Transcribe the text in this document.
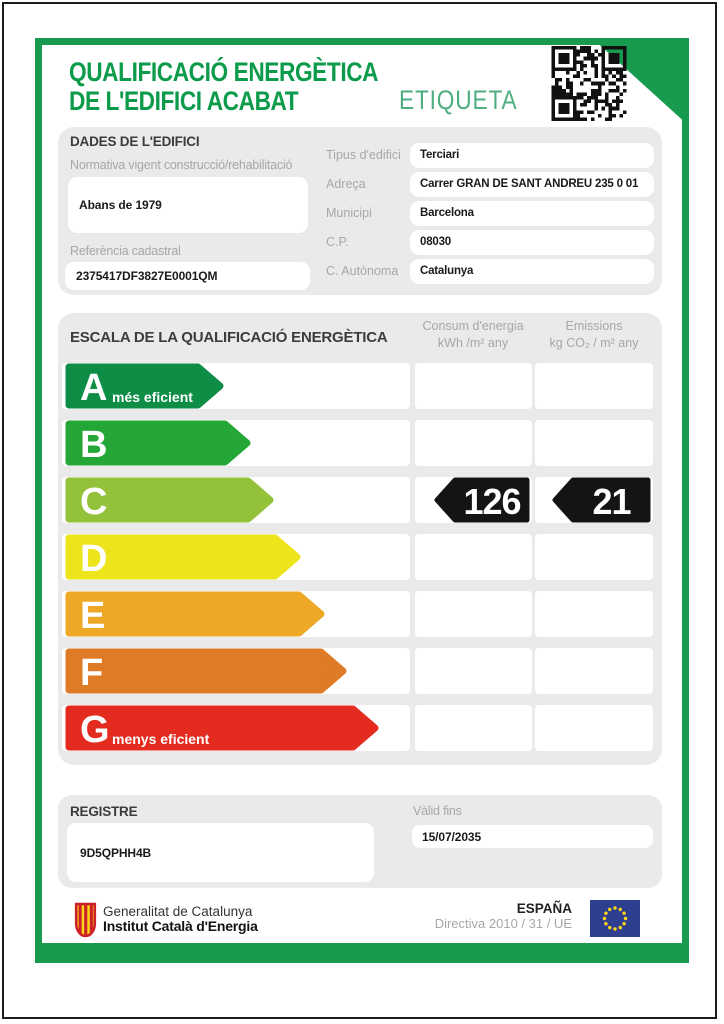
QUALIFICACIÓ ENERGÈTICA
DE L'EDIFICI ACABAT	ETIQUETA
DADES DE L'EDIFICI
Normativa vigent construcció/rehabilitació
Abans de 1979
Referència cadastral
2375417DF3827E0001QM
Tipus d'edifici	Terciari
Adreça	Carrer GRAN DE SANT ANDREU 235 0 01
Municipi	Barcelona
C.P.	08030
C. Autònoma	Catalunya
ESCALA DE LA QUALIFICACIÓ ENERGÈTICA
Consum d'energia
kWh /m² any
Emissions
kg CO₂ / m² any
A més eficient
B
C	126 21
D
E
F
G menys eficient
REGISTRE
9D5QPHH4B
Vàlid fins
15/07/2035
Generalitat de Catalunya
Institut Català d'Energia
ESPAÑA
Directiva 2010 / 31 / UE
